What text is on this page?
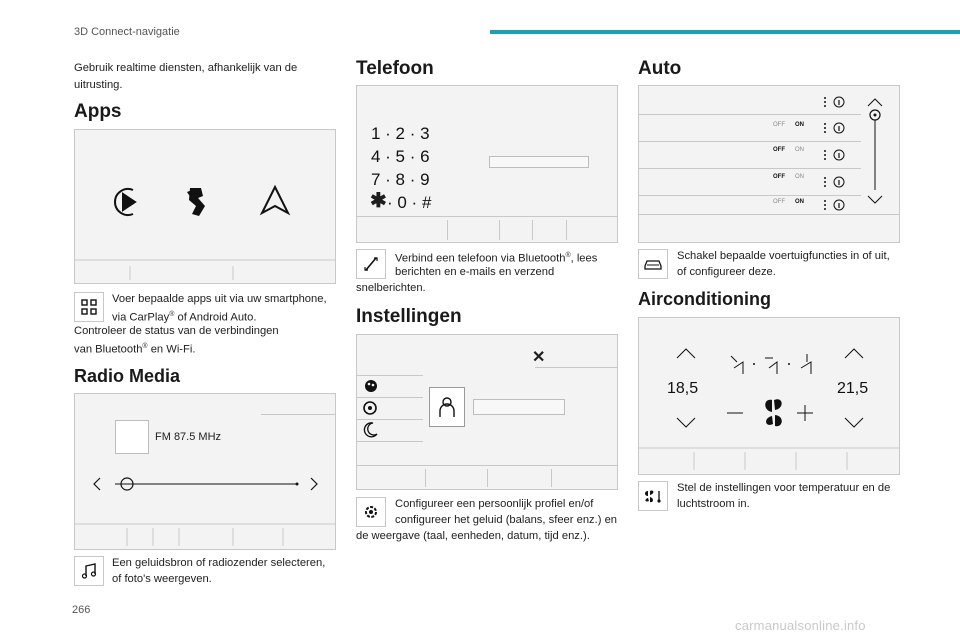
3D Connect-navigatie
Gebruik realtime diensten, afhankelijk van de uitrusting.
Apps
Voer bepaalde apps uit via uw smartphone,
via CarPlay® of Android Auto.
Controleer de status van de verbindingen
van Bluetooth® en Wi-Fi.
Radio Media
FM 87.5 MHz
Een geluidsbron of radiozender selecteren,
of foto's weergeven.
Telefoon
1 · 2 · 3
4 · 5 · 6
7 · 8 · 9
✱ · 0 · #
Verbind een telefoon via Bluetooth®, lees
berichten en e-mails en verzend
snelberichten.
Instellingen
✕
Configureer een persoonlijk profiel en/of
configureer het geluid (balans, sfeer enz.) en
de weergave (taal, eenheden, datum, tijd enz.).
Auto
OFF ON
OFF ON
OFF ON
OFF ON
Schakel bepaalde voertuigfuncties in of uit,
of configureer deze.
Airconditioning
18,5	21,5
Stel de instellingen voor temperatuur en de
luchtstroom in.
266
carmanualsonline.info
